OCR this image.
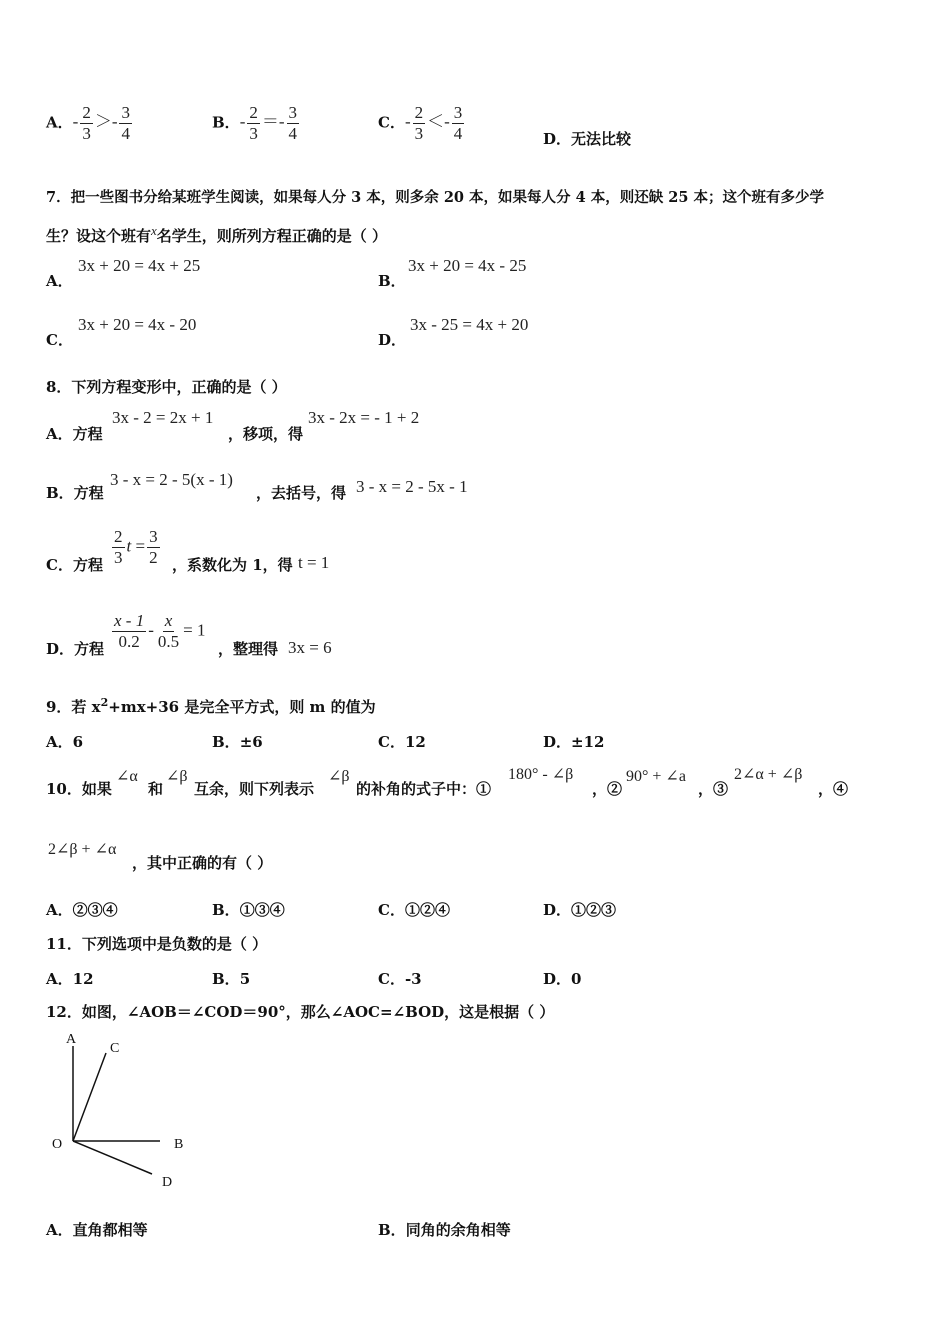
A．- $\frac{2}{3} >- \frac{3}{4}$	B．- $\frac{2}{3} =- \frac{3}{4}$	C．- $\frac{2}{3} <- \frac{3}{4}$	D．无法比较
7．把一些图书分给某班学生阅读，如果每人分 3 本，则多余 20 本，如果每人分 4 本，则还缺 25 本；这个班有多少学
生？设这个班有x名学生，则所列方程正确的是（ ）
A．
3x + 20 = 4x + 25
B．
3x + 20 = 4x - 25
C．
3x + 20 = 4x - 20
D．
3x - 25 = 4x + 20
8．下列方程变形中，正确的是（ ）
A．方程
3x - 2 = 2x + 1
，移项，得
3x - 2x = - 1 + 2
B．方程
3 - x = 2 - 5(x - 1)
，去括号，得 3 - x = 2 - 5x - 1
C．方程 $\frac{2}{3}$ $t = \frac{3}{2}$ ，系数化为 1，得 t = 1
D．方程 $\frac{x - 1}{0.2} - \frac{x}{0.5} = 1$
，整理得 3x = 6
9．若 $x^2+mx+36$ 是完全平方式，则 m 的值为
A．6	B．±6	C．12	D．±12
10．如果
∠α
和
∠β
互余，则下列表示
∠β
的补角的式子中：①
180° - ∠β
，②
90° + ∠a
，③
2∠α + ∠β
，④
2∠β + ∠α
，其中正确的有（ ）
A．②③④	B．①③④	C．①②④	D．①②③
11．下列选项中是负数的是（ ）
A．12	B．5	C．-3	D．0
12．如图，∠AOB＝∠COD＝90°，那么∠AOC=∠BOD，这是根据（ ）
A
C
O	B
D
A．直角都相等	B．同角的余角相等
